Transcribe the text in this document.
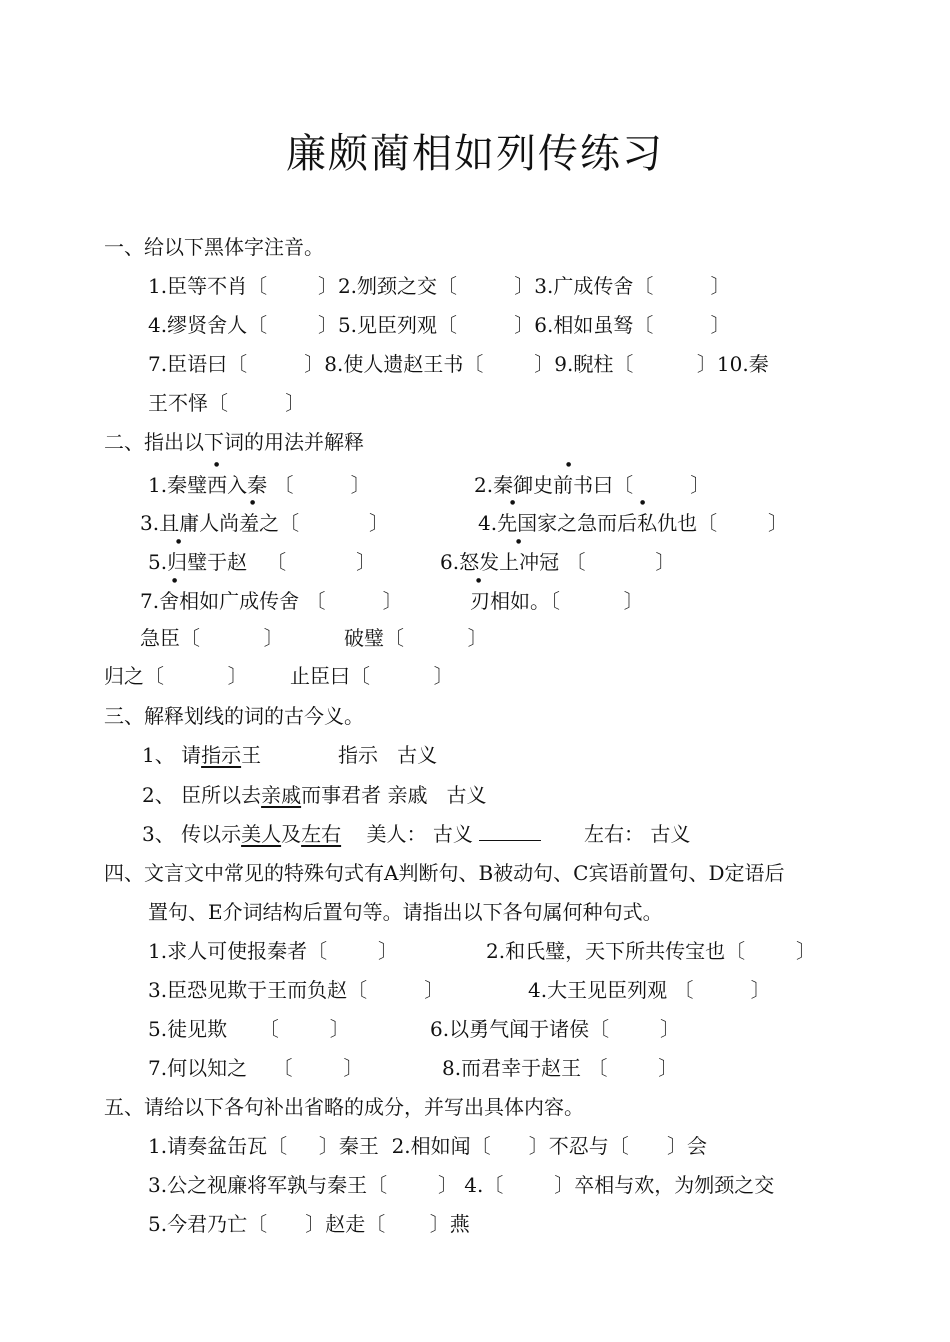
廉颇蔺相如列传练习
一、给以下黑体字注音。
1.臣等不肖〔        〕2.刎颈之交〔         〕3.广成传舍〔         〕
4.缪贤舍人〔        〕5.见臣列观〔         〕6.相如虽驽〔         〕
7.臣语曰〔         〕8.使人遗赵王书〔        〕9.睨柱〔          〕10.秦
王不怿〔         〕
二、指出以下词的用法并解释
1.秦璧西入秦 〔         〕	2.秦御史前书曰〔         〕
3.且庸人尚羞之〔           〕	4.先国家之急而后私仇也〔        〕
5.归璧于赵   〔           〕	6.怒发上冲冠 〔           〕
7.舍相如广成传舍 〔         〕	刃相如。〔          〕
急臣〔          〕	破璧〔          〕
归之〔          〕 止臣曰〔          〕
●	●
●	●	●
●	●
●	●
三、解释划线的词的古今义。
1、 请指示王	指示   古义
2、 臣所以去亲戚而事君者 亲戚   古义
3、 传以示美人及左右    美人： 古义	左右： 古义
四、文言文中常见的特殊句式有A判断句、B被动句、C宾语前置句、D定语后
置句、E介词结构后置句等。请指出以下各句属何种句式。
1.求人可使报秦者〔        〕	2.和氏璧，天下所共传宝也〔        〕
3.臣恐见欺于王而负赵〔         〕	4.大王见臣列观 〔         〕
5.徒见欺     〔        〕	6.以勇气闻于诸侯〔        〕
7.何以知之    〔        〕	8.而君幸于赵王 〔        〕
五、请给以下各句补出省略的成分，并写出具体内容。
1.请奏盆缶瓦〔     〕秦王  2.相如闻〔      〕不忍与〔      〕会
3.公之视廉将军孰与秦王〔        〕 4.〔        〕卒相与欢，为刎颈之交
5.今君乃亡〔      〕赵走〔       〕燕
